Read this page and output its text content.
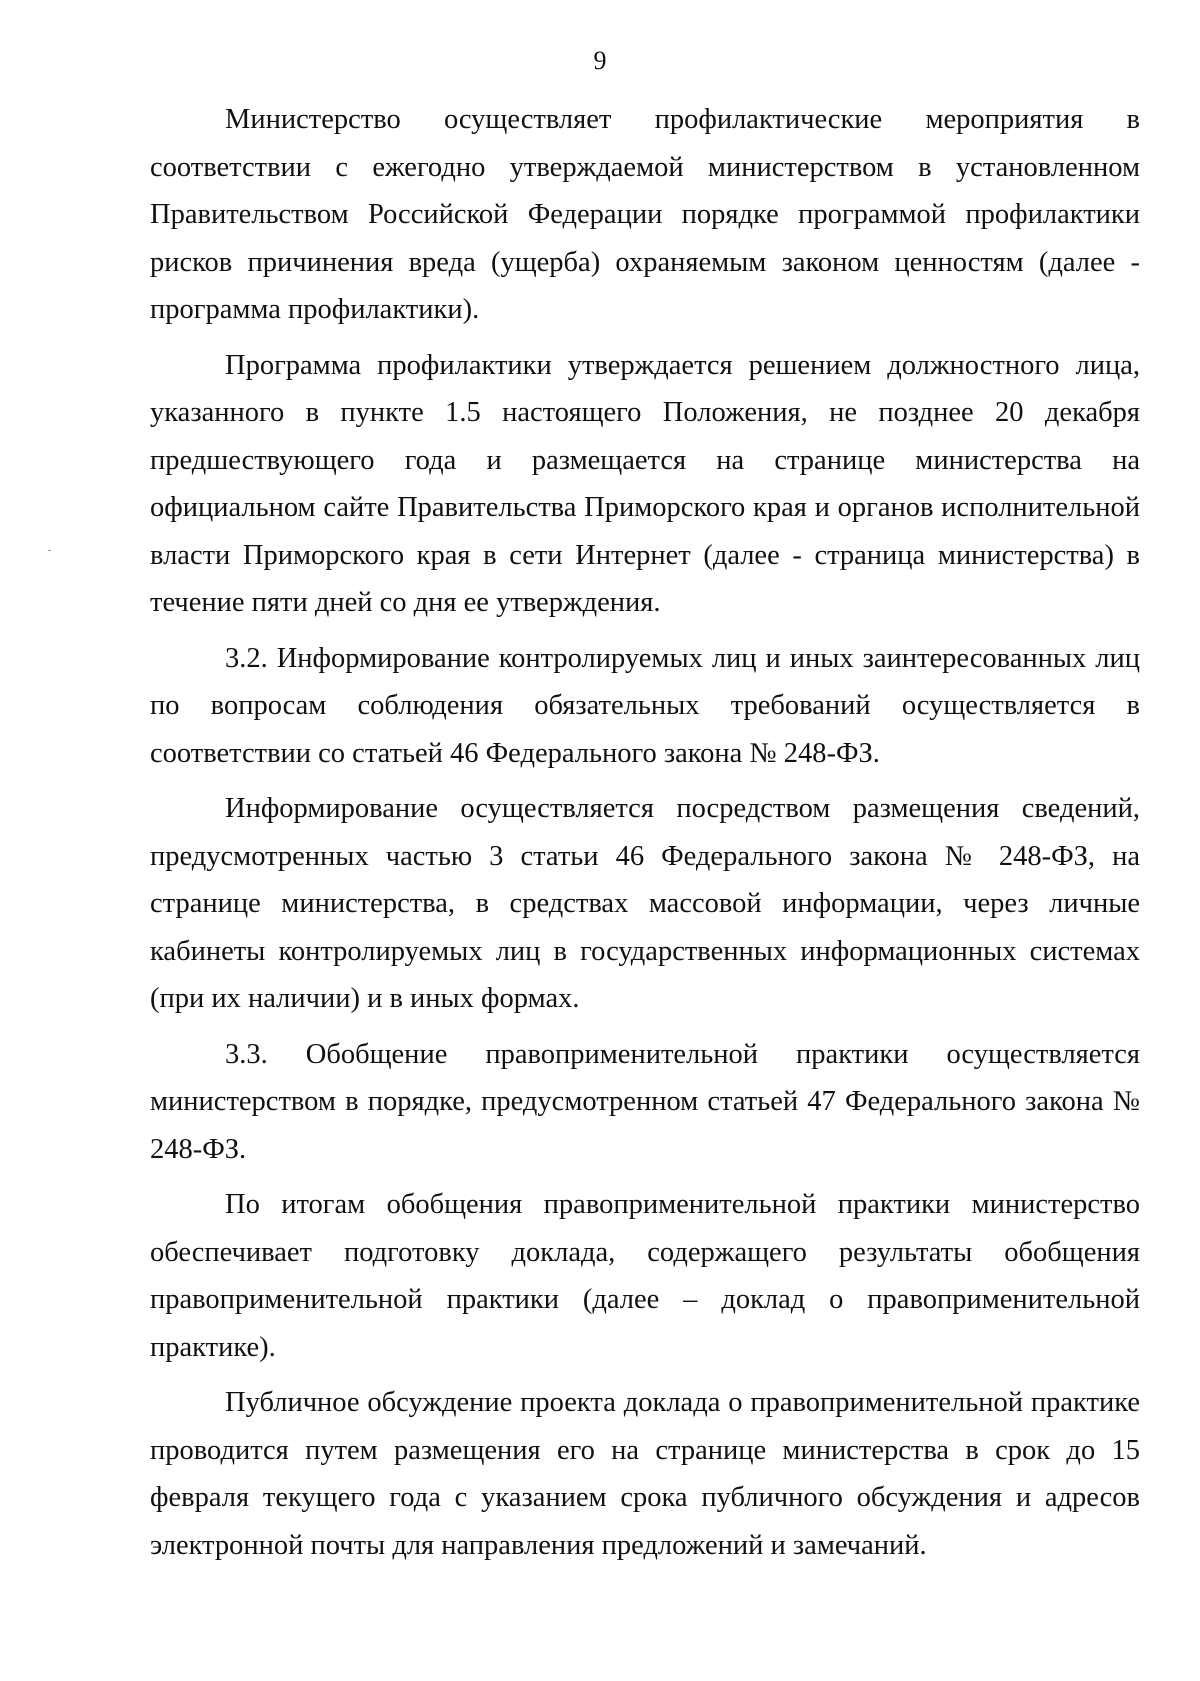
9

Министерство осуществляет профилактические мероприятия в соответствии с ежегодно утверждаемой министерством в установленном Правительством Российской Федерации порядке программой профилактики рисков причинения вреда (ущерба) охраняемым законом ценностям (далее - программа профилактики).

Программа профилактики утверждается решением должностного лица, указанного в пункте 1.5 настоящего Положения, не позднее 20 декабря предшествующего года и размещается на странице министерства на официальном сайте Правительства Приморского края и органов исполнительной власти Приморского края в сети Интернет (далее - страница министерства) в течение пяти дней со дня ее утверждения.

3.2. Информирование контролируемых лиц и иных заинтересованных лиц по вопросам соблюдения обязательных требований осуществляется в соответствии со статьей 46 Федерального закона № 248-ФЗ.

Информирование осуществляется посредством размещения сведений, предусмотренных частью 3 статьи 46 Федерального закона № 248-ФЗ, на странице министерства, в средствах массовой информации, через личные кабинеты контролируемых лиц в государственных информационных системах (при их наличии) и в иных формах.

3.3. Обобщение правоприменительной практики осуществляется министерством в порядке, предусмотренном статьей 47 Федерального закона № 248-ФЗ.

По итогам обобщения правоприменительной практики министерство обеспечивает подготовку доклада, содержащего результаты обобщения правоприменительной практики (далее – доклад о правоприменительной практике).

Публичное обсуждение проекта доклада о правоприменительной практике проводится путем размещения его на странице министерства в срок до 15 февраля текущего года с указанием срока публичного обсуждения и адресов электронной почты для направления предложений и замечаний.
